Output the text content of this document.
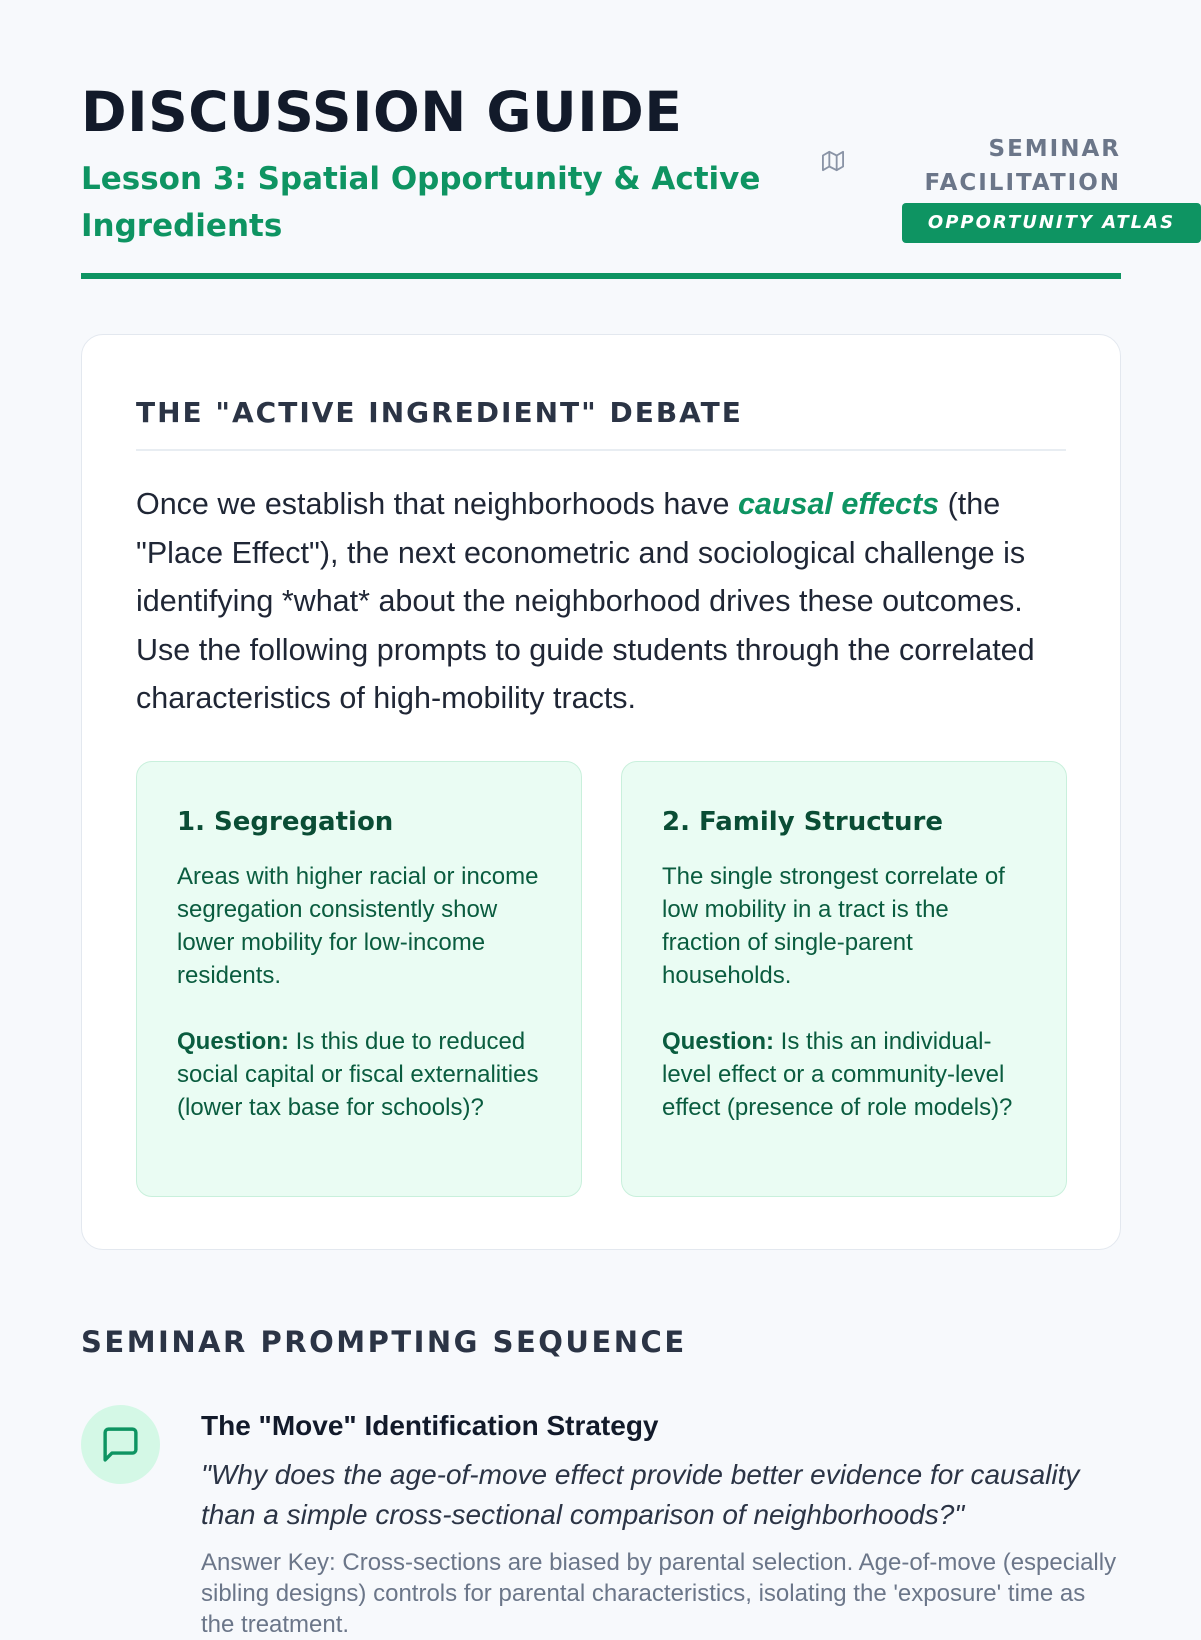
DISCUSSION GUIDE
Lesson 3: Spatial Opportunity & Active Ingredients
SEMINAR FACILITATION
OPPORTUNITY ATLAS
THE "ACTIVE INGREDIENT" DEBATE

Once we establish that neighborhoods have causal effects (the "Place Effect"), the next econometric and sociological challenge is identifying *what* about the neighborhood drives these outcomes. Use the following prompts to guide students through the correlated characteristics of high-mobility tracts.

1. Segregation

Areas with higher racial or income segregation consistently show lower mobility for low-income residents.

Question: Is this due to reduced social capital or fiscal externalities (lower tax base for schools)?

2. Family Structure

The single strongest correlate of low mobility in a tract is the fraction of single-parent households.

Question: Is this an individual-level effect or a community-level effect (presence of role models)?

SEMINAR PROMPTING SEQUENCE
The "Move" Identification Strategy

"Why does the age-of-move effect provide better evidence for causality than a simple cross-sectional comparison of neighborhoods?"

Answer Key: Cross-sections are biased by parental selection. Age-of-move (especially sibling designs) controls for parental characteristics, isolating the 'exposure' time as the treatment.
